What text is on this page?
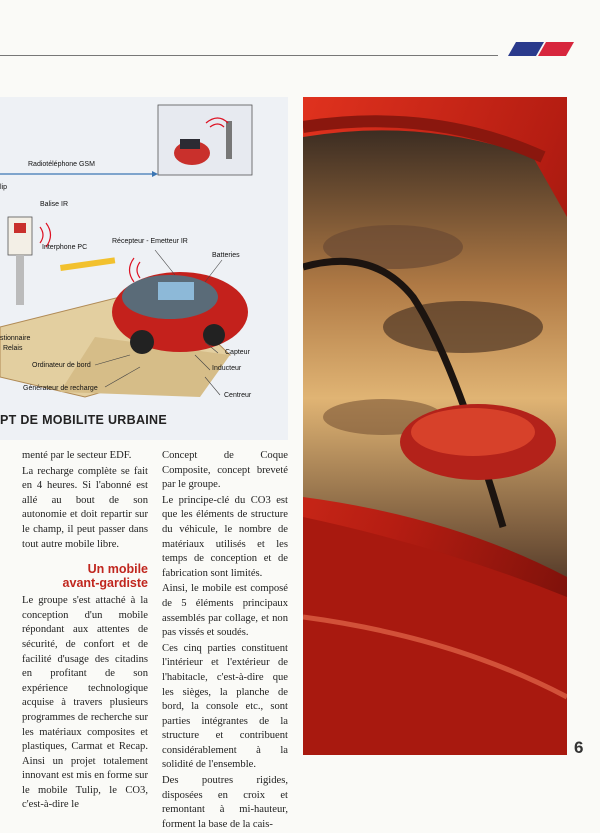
Radiotéléphone GSM
lip
Balise IR
Interphone PC
Récepteur - Emetteur IR
Batteries
stionnaire
Relais
Capteur
Ordinateur de bord	Inducteur
Générateur de recharge
Centreur
PT DE MOBILITE URBAINE

menté par le secteur EDF.

La recharge complète se fait en 4 heures. Si l'abonné est allé au bout de son autonomie et doit repartir sur le champ, il peut passer dans tout autre mobile libre.

Un mobile
avant-gardiste

Le groupe s'est attaché à la conception d'un mobile répondant aux attentes de sécurité, de confort et de facilité d'usage des citadins en profitant de son expérience technologique acquise à travers plusieurs programmes de recherche sur les matériaux composites et plastiques, Carmat et Recap. Ainsi un projet totalement innovant est mis en forme sur le mobile Tulip, le CO3, c'est-à-dire le

Concept de Coque Composite, concept breveté par le groupe.

Le principe-clé du CO3 est que les éléments de structure du véhicule, le nombre de matériaux utilisés et les temps de conception et de fabrication sont limités.

Ainsi, le mobile est composé de 5 éléments principaux assemblés par collage, et non pas vissés et soudés.

Ces cinq parties constituent l'intérieur et l'extérieur de l'habitacle, c'est-à-dire que les sièges, la planche de bord, la console etc., sont parties intégrantes de la structure et contribuent considérablement à la solidité de l'ensemble.

Des poutres rigides, disposées en croix et remontant à mi-hauteur, forment la base de la cais-

6
